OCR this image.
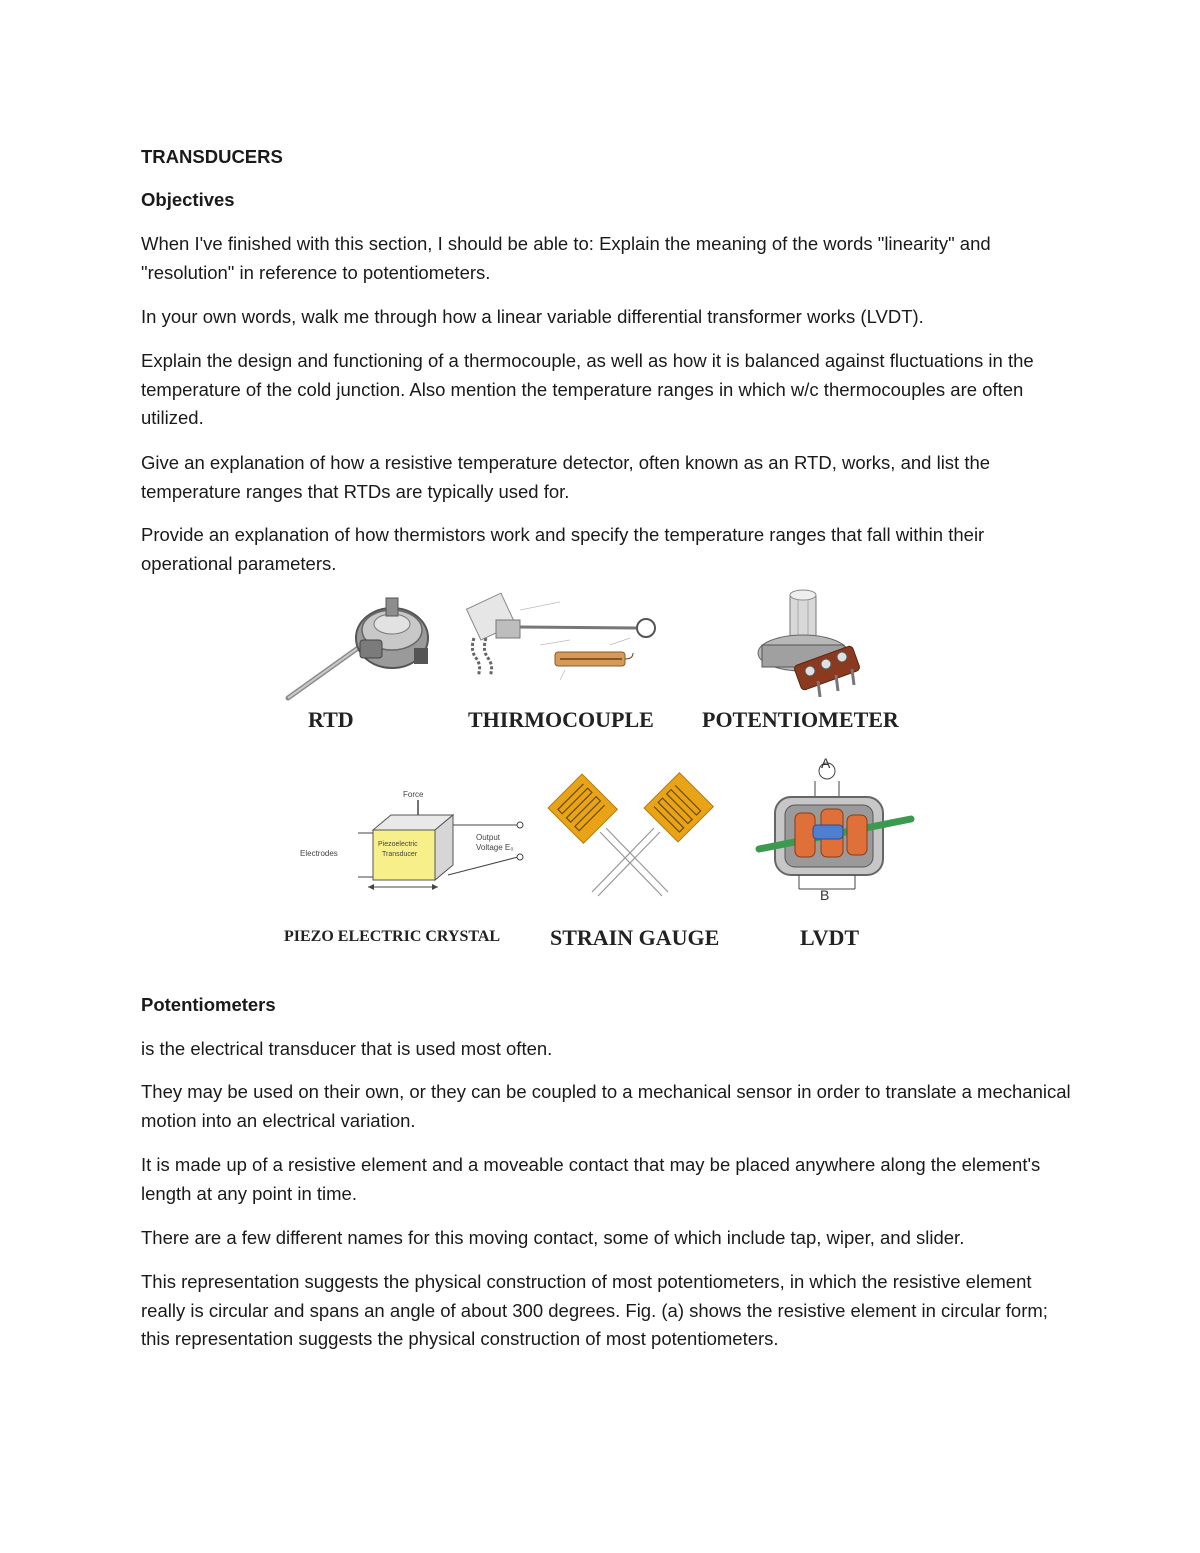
TRANSDUCERS
Objectives

When I've finished with this section, I should be able to: Explain the meaning of the words "linearity" and "resolution" in reference to potentiometers.

In your own words, walk me through how a linear variable differential transformer works (LVDT).

Explain the design and functioning of a thermocouple, as well as how it is balanced against fluctuations in the temperature of the cold junction. Also mention the temperature ranges in which w/c thermocouples are often utilized.

Give an explanation of how a resistive temperature detector, often known as an RTD, works, and list the temperature ranges that RTDs are typically used for.

Provide an explanation of how thermistors work and specify the temperature ranges that fall within their operational parameters.

RTD	THIRMOCOUPLE POTENTIOMETER
Force
Electrodes
Piezoelectric
Transducer
Output
Voltage E₀
PIEZO ELECTRIC CRYSTAL STRAIN GAUGE
A
B
LVDT
Potentiometers

is the electrical transducer that is used most often.

They may be used on their own, or they can be coupled to a mechanical sensor in order to translate a mechanical motion into an electrical variation.

It is made up of a resistive element and a moveable contact that may be placed anywhere along the element's length at any point in time.

There are a few different names for this moving contact, some of which include tap, wiper, and slider.

This representation suggests the physical construction of most potentiometers, in which the resistive element really is circular and spans an angle of about 300 degrees. Fig. (a) shows the resistive element in circular form; this representation suggests the physical construction of most potentiometers.
